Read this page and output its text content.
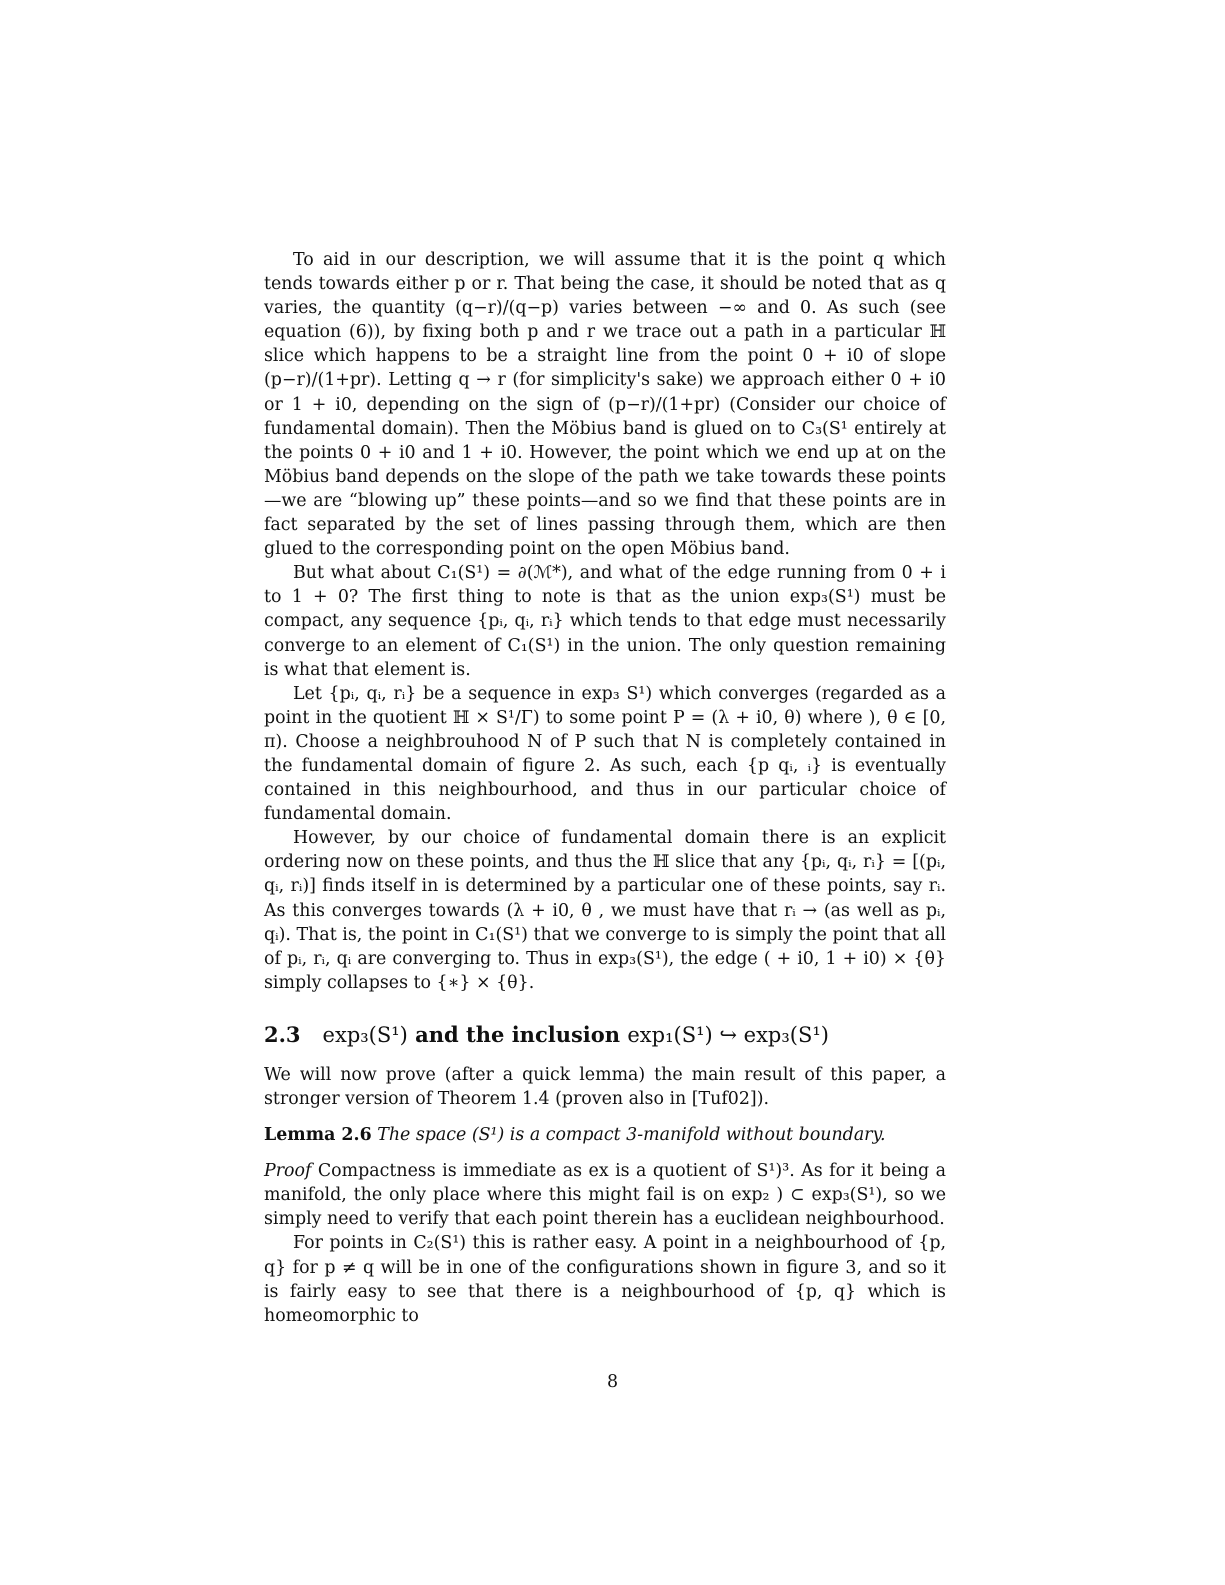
To aid in our description, we will assume that it is the point q which tends towards either p or r. That being the case, it should be noted that as q varies, the quantity (q−r)/(q−p) varies between −∞ and 0. As such (see equation (6)), by fixing both p and r we trace out a path in a particular ℍ slice which happens to be a straight line from the point 0 + i0 of slope (p−r)/(1+pr). Letting q → r (for simplicity's sake) we approach either 0 + i0 or 1 + i0, depending on the sign of (p−r)/(1+pr) (Consider our choice of fundamental domain). Then the Möbius band is glued on to C₃(S¹ entirely at the points 0 + i0 and 1 + i0. However, the point which we end up at on the Möbius band depends on the slope of the path we take towards these points—we are “blowing up” these points—and so we find that these points are in fact separated by the set of lines passing through them, which are then glued to the corresponding point on the open Möbius band.

But what about C₁(S¹) = ∂(ℳ*), and what of the edge running from 0 + i to 1 + 0? The first thing to note is that as the union exp₃(S¹) must be compact, any sequence {pᵢ, qᵢ, rᵢ} which tends to that edge must necessarily converge to an element of C₁(S¹) in the union. The only question remaining is what that element is.

Let {pᵢ, qᵢ, rᵢ} be a sequence in exp₃ S¹) which converges (regarded as a point in the quotient ℍ × S¹/Γ) to some point P = (λ + i0, θ) where ), θ ∈ [0, π). Choose a neighbrouhood N of P such that N is completely contained in the fundamental domain of figure 2. As such, each {p qᵢ, ᵢ} is eventually contained in this neighbourhood, and thus in our particular choice of fundamental domain.

However, by our choice of fundamental domain there is an explicit ordering now on these points, and thus the ℍ slice that any {pᵢ, qᵢ, rᵢ} = [(pᵢ, qᵢ, rᵢ)] finds itself in is determined by a particular one of these points, say rᵢ. As this converges towards (λ + i0, θ , we must have that rᵢ → (as well as pᵢ, qᵢ). That is, the point in C₁(S¹) that we converge to is simply the point that all of pᵢ, rᵢ, qᵢ are converging to. Thus in exp₃(S¹), the edge ( + i0, 1 + i0) × {θ} simply collapses to {∗} × {θ}.

2.3 exp₃(S¹) and the inclusion exp₁(S¹) ↪ exp₃(S¹)

We will now prove (after a quick lemma) the main result of this paper, a stronger version of Theorem 1.4 (proven also in [Tuf02]).

Lemma 2.6 The space (S¹) is a compact 3-manifold without boundary.

Proof Compactness is immediate as ex is a quotient of S¹)³. As for it being a manifold, the only place where this might fail is on exp₂ ) ⊂ exp₃(S¹), so we simply need to verify that each point therein has a euclidean neighbourhood.

For points in C₂(S¹) this is rather easy. A point in a neighbourhood of {p, q} for p ≠ q will be in one of the configurations shown in figure 3, and so it is fairly easy to see that there is a neighbourhood of {p, q} which is homeomorphic to

8
